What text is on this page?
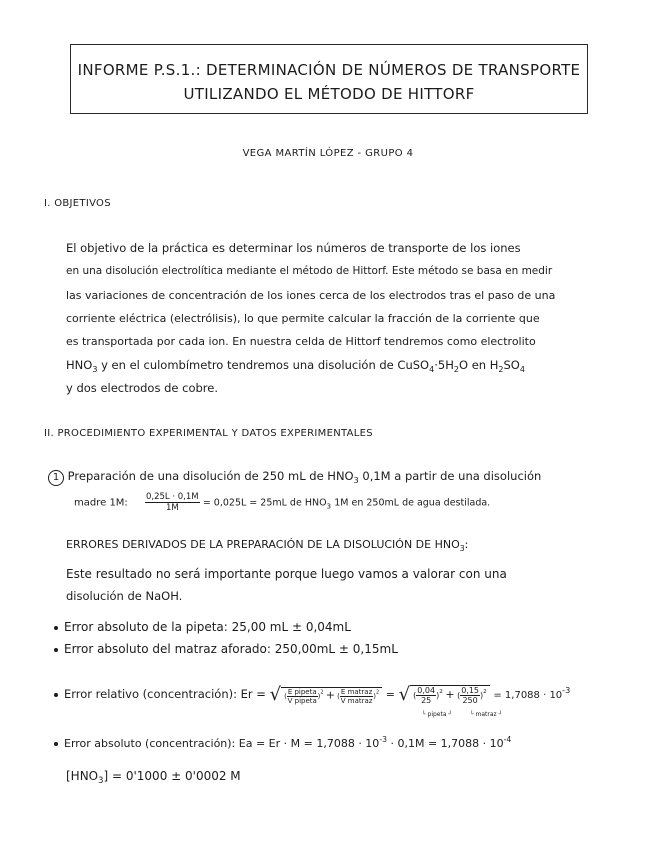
INFORME P.S.1.: DETERMINACIÓN DE NÚMEROS DE TRANSPORTE
UTILIZANDO EL MÉTODO DE HITTORF
VEGA MARTÍN LÓPEZ - GRUPO 4
I. OBJETIVOS
El objetivo de la práctica es determinar los números de transporte de los iones
en una disolución electrolítica mediante el método de Hittorf. Este método se basa en medir
las variaciones de concentración de los iones cerca de los electrodos tras el paso de una
corriente eléctrica (electrólisis), lo que permite calcular la fracción de la corriente que
es transportada por cada ion. En nuestra celda de Hittorf tendremos como electrolito
$HNO_3$ y en el culombímetro tendremos una disolución de $CuSO_4\cdot 5H_2O$ en $H_2SO_4$
y dos electrodos de cobre.
II. PROCEDIMIENTO EXPERIMENTAL Y DATOS EXPERIMENTALES
1 Preparación de una disolución de 250 mL de $HNO_3$ 0,1M a partir de una disolución
madre 1M: $\frac{0,25L \cdot 0,1M}{1M} = 0,025L = 25mL$ de $HNO_3$ 1M en 250mL de agua destilada.
ERRORES DERIVADOS DE LA PREPARACIÓN DE LA DISOLUCIÓN DE $HNO_3$:
Este resultado no será importante porque luego vamos a valorar con una
disolución de NaOH.
Error absoluto de la pipeta: 25,00 mL ± 0,04mL
Error absoluto del matraz aforado: 250,00mL ± 0,15mL
Error relativo (concentración): Er = √( $\frac{\text{E pipeta}}{\text{V pipeta}} )^2$ + ( $\frac{\text{E matraz}}{\text{V matraz}} )^2$ = √( $\frac{0,04}{25} )^2$ + ( $\frac{0,15}{250} )^2 = 1,7088 \cdot 10^{-3}$
└ pipeta ┘	└ matraz ┘
Error absoluto (concentración): $Ea = Er \cdot M = 1,7088 \cdot 10^{-3} \cdot 0,1M = 1,7088 \cdot 10^{-4}$
$[HNO_3] = 0'1000 \pm 0'0002$ M
